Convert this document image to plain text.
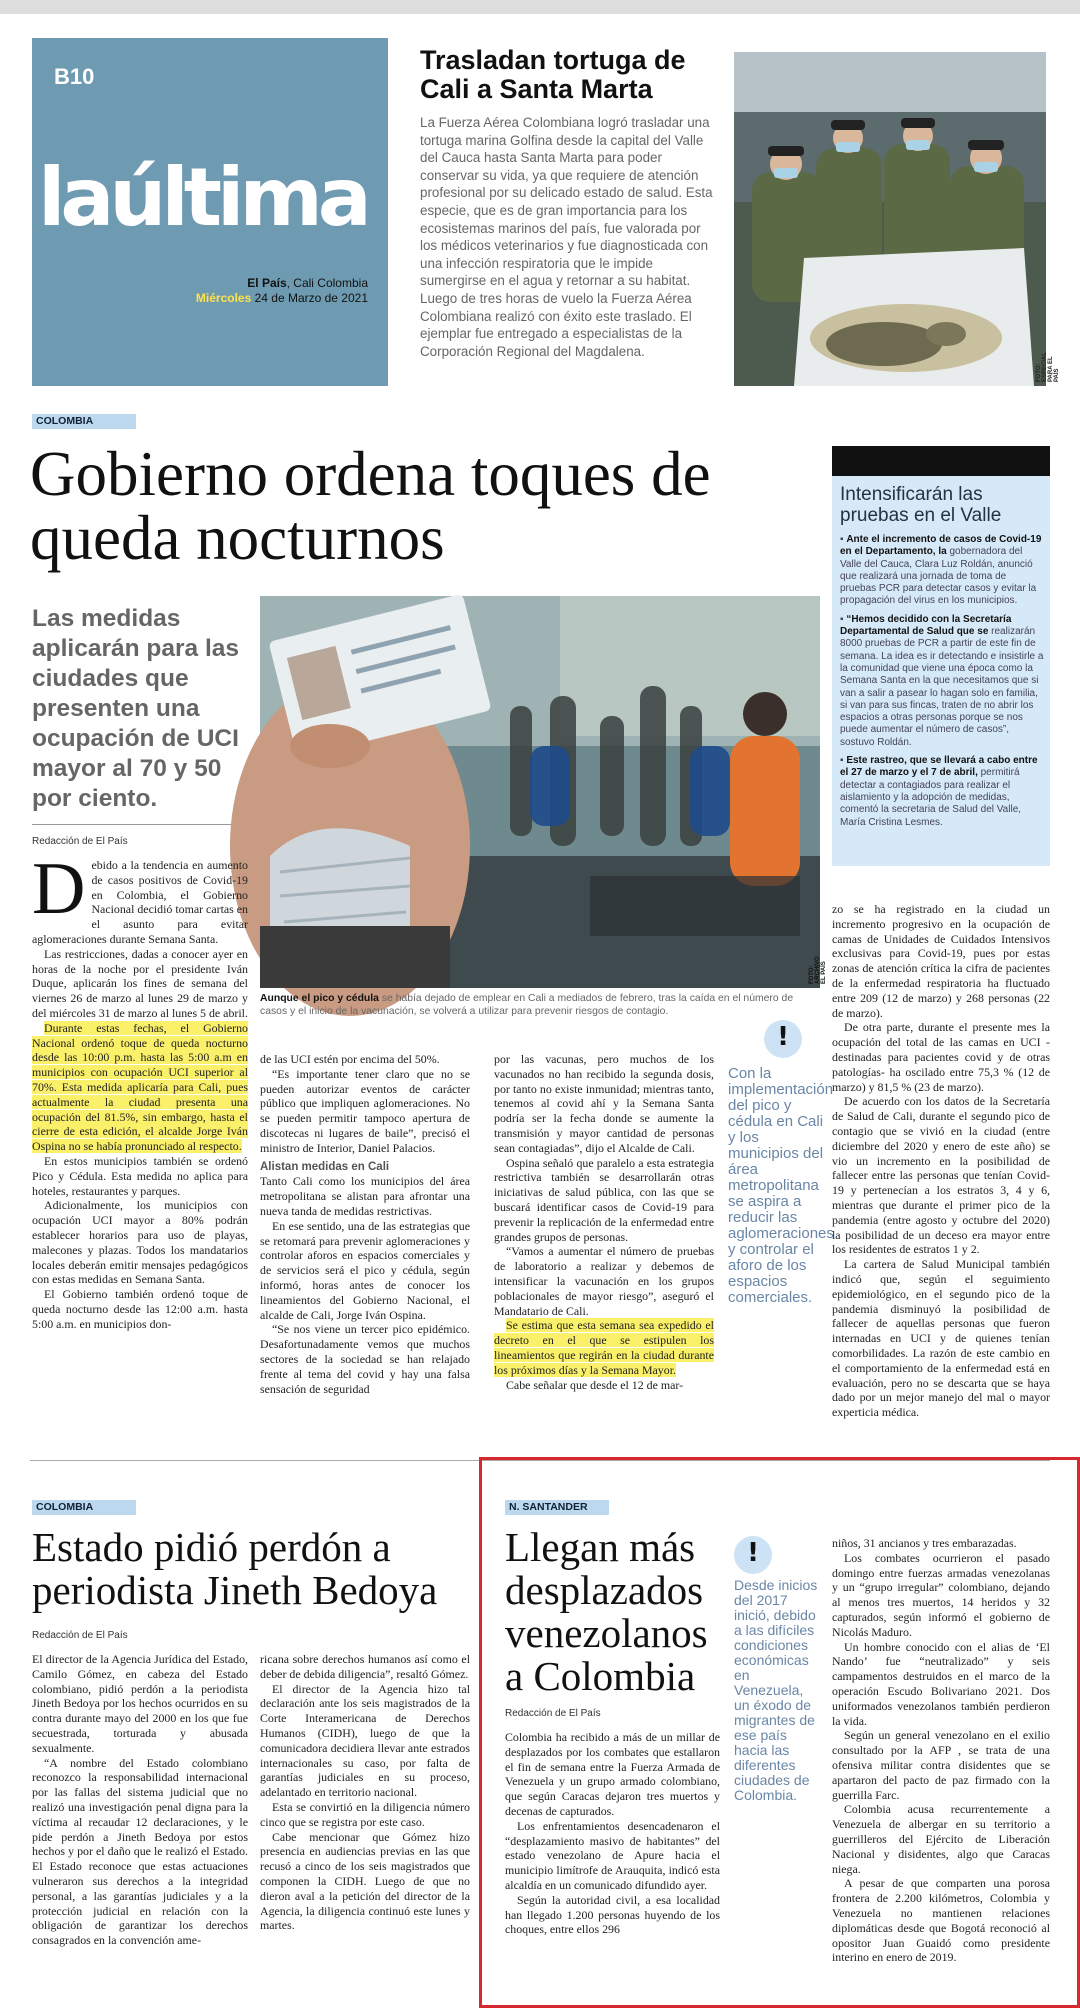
B10
laúltima
El País, Cali Colombia
Miércoles 24 de Marzo de 2021
Trasladan tortuga de Cali a Santa Marta
La Fuerza Aérea Colombiana logró trasladar una tortuga marina Golfina desde la capital del Valle del Cauca hasta Santa Marta para poder conservar su vida, ya que requiere de atención profesional por su delicado estado de salud. Esta especie, que es de gran importancia para los ecosistemas marinos del país, fue valorada por los médicos veterinarios y fue diagnosticada con una infección respiratoria que le impide sumergirse en el agua y retornar a su habitat. Luego de tres horas de vuelo la Fuerza Aérea Colombiana realizó con éxito este traslado. El ejemplar fue entregado a especialistas de la Corporación Regional del Magdalena.
FOTO: ESPECIAL PARA EL PAÍS
COLOMBIA
Gobierno ordena toques de queda nocturnos
Las medidas aplicarán para las ciudades que presenten una ocupación de UCI mayor al 70 y 50 por ciento.
Redacción de El País
FOTO: ARCHIVO EL PAÍS
Aunque el pico y cédula se había dejado de emplear en Cali a mediados de febrero, tras la caída en el número de casos y el inicio de la vacunación, se volverá a utilizar para prevenir riesgos de contagio.
Intensificarán las pruebas en el Valle

▪ Ante el incremento de casos de Covid-19 en el Departamento, la gobernadora del Valle del Cauca, Clara Luz Roldán, anunció que realizará una jornada de toma de pruebas PCR para detectar casos y evitar la propagación del virus en los municipios.

▪ “Hemos decidido con la Secretaría Departamental de Salud que se realizarán 8000 pruebas de PCR a partir de este fin de semana. La idea es ir detectando e insistirle a la comunidad que viene una época como la Semana Santa en la que necesitamos que si van a salir a pasear lo hagan solo en familia, si van para sus fincas, traten de no abrir los espacios a otras personas porque se nos puede aumentar el número de casos”, sostuvo Roldán.

▪ Este rastreo, que se llevará a cabo entre el 27 de marzo y el 7 de abril, permitirá detectar a contagiados para realizar el aislamiento y la adopción de medidas, comentó la secretaria de Salud del Valle, María Cristina Lesmes.

Debido a la tendencia en aumento de casos positivos de Covid-19 en Colombia, el Gobierno Nacional decidió tomar cartas en el asunto para evitar aglomeraciones durante Semana Santa.

Las restricciones, dadas a conocer ayer en horas de la noche por el presidente Iván Duque, aplicarán los fines de semana del viernes 26 de marzo al lunes 29 de marzo y del miércoles 31 de marzo al lunes 5 de abril.

Durante estas fechas, el Gobierno Nacional ordenó toque de queda nocturno desde las 10:00 p.m. hasta las 5:00 a.m en municipios con ocupación UCI superior al 70%. Esta medida aplicaría para Cali, pues actualmente la ciudad presenta una ocupación del 81.5%, sin embargo, hasta el cierre de esta edición, el alcalde Jorge Iván Ospina no se había pronunciado al respecto.

En estos municipios también se ordenó Pico y Cédula. Esta medida no aplica para hoteles, restaurantes y parques.

Adicionalmente, los municipios con ocupación UCI mayor a 80% podrán establecer horarios para uso de playas, malecones y plazas. Todos los mandatarios locales deberán emitir mensajes pedagógicos con estas medidas en Semana Santa.

El Gobierno también ordenó toque de queda nocturno desde las 12:00 a.m. hasta 5:00 a.m. en municipios don-

de las UCI estén por encima del 50%.

“Es importante tener claro que no se pueden autorizar eventos de carácter público que impliquen aglomeraciones. No se pueden permitir tampoco apertura de discotecas ni lugares de baile”, precisó el ministro de Interior, Daniel Palacios.

Alistan medidas en Cali

Tanto Cali como los municipios del área metropolitana se alistan para afrontar una nueva tanda de medidas restrictivas.

En ese sentido, una de las estrategias que se retomará para prevenir aglomeraciones y controlar aforos en espacios comerciales y de servicios será el pico y cédula, según informó, horas antes de conocer los lineamientos del Gobierno Nacional, el alcalde de Cali, Jorge Iván Ospina.

“Se nos viene un tercer pico epidémico. Desafortunadamente vemos que muchos sectores de la sociedad se han relajado frente al tema del covid y hay una falsa sensación de seguridad

por las vacunas, pero muchos de los vacunados no han recibido la segunda dosis, por tanto no existe inmunidad; mientras tanto, tenemos al covid ahí y la Semana Santa podría ser la fecha donde se aumente la transmisión y mayor cantidad de personas sean contagiadas”, dijo el Alcalde de Cali.

Ospina señaló que paralelo a esta estrategia restrictiva también se desarrollarán otras iniciativas de salud pública, con las que se buscará identificar casos de Covid-19 para prevenir la replicación de la enfermedad entre grandes grupos de personas.

“Vamos a aumentar el número de pruebas de laboratorio a realizar y debemos de intensificar la vacunación en los grupos poblacionales de mayor riesgo”, aseguró el Mandatario de Cali.

Se estima que esta semana sea expedido el decreto en el que se estipulen los lineamientos que regirán en la ciudad durante los próximos días y la Semana Mayor.

Cabe señalar que desde el 12 de mar-

!
Con la implementación del pico y cédula en Cali y los municipios del área metropolitana se aspira a reducir las aglomeraciones y controlar el aforo de los espacios comerciales.

zo se ha registrado en la ciudad un incremento progresivo en la ocupación de camas de Unidades de Cuidados Intensivos exclusivas para Covid-19, pues por estas zonas de atención crítica la cifra de pacientes de la enfermedad respiratoria ha fluctuado entre 209 (12 de marzo) y 268 personas (22 de marzo).

De otra parte, durante el presente mes la ocupación del total de las camas en UCI -destinadas para pacientes covid y de otras patologías- ha oscilado entre 75,3 % (12 de marzo) y 81,5 % (23 de marzo).

De acuerdo con los datos de la Secretaría de Salud de Cali, durante el segundo pico de contagio que se vivió en la ciudad (entre diciembre del 2020 y enero de este año) se vio un incremento en la posibilidad de fallecer entre las personas que tenían Covid-19 y pertenecían a los estratos 3, 4 y 6, mientras que durante el primer pico de la pandemia (entre agosto y octubre del 2020) la posibilidad de un deceso era mayor entre los residentes de estratos 1 y 2.

La cartera de Salud Municipal también indicó que, según el seguimiento epidemiológico, en el segundo pico de la pandemia disminuyó la posibilidad de fallecer de aquellas personas que fueron internadas en UCI y de quienes tenían comorbilidades. La razón de este cambio en el comportamiento de la enfermedad está en evaluación, pero no se descarta que se haya dado por un mejor manejo del mal o mayor experticia médica.

COLOMBIA
Estado pidió perdón a periodista Jineth Bedoya
Redacción de El País

El director de la Agencia Jurídica del Estado, Camilo Gómez, en cabeza del Estado colombiano, pidió perdón a la periodista Jineth Bedoya por los hechos ocurridos en su contra durante mayo del 2000 en los que fue secuestrada, torturada y abusada sexualmente.

“A nombre del Estado colombiano reconozco la responsabilidad internacional por las fallas del sistema judicial que no realizó una investigación penal digna para la víctima al recaudar 12 declaraciones, y le pide perdón a Jineth Bedoya por estos hechos y por el daño que le realizó el Estado. El Estado reconoce que estas actuaciones vulneraron sus derechos a la integridad personal, a las garantías judiciales y a la protección judicial en relación con la obligación de garantizar los derechos consagrados en la convención ame-

ricana sobre derechos humanos así como el deber de debida diligencia”, resaltó Gómez.

El director de la Agencia hizo tal declaración ante los seis magistrados de la Corte Interamericana de Derechos Humanos (CIDH), luego de que la comunicadora decidiera llevar ante estrados internacionales su caso, por falta de garantías judiciales en su proceso, adelantado en territorio nacional.

Esta se convirtió en la diligencia número cinco que se registra por este caso.

Cabe mencionar que Gómez hizo presencia en audiencias previas en las que recusó a cinco de los seis magistrados que componen la CIDH. Luego de que no dieron aval a la petición del director de la Agencia, la diligencia continuó este lunes y martes.

N. SANTANDER
Llegan más desplazados venezolanos a Colombia
Redacción de El País

Colombia ha recibido a más de un millar de desplazados por los combates que estallaron el fin de semana entre la Fuerza Armada de Venezuela y un grupo armado colombiano, que según Caracas dejaron tres muertos y decenas de capturados.

Los enfrentamientos desencadenaron el “desplazamiento masivo de habitantes” del estado venezolano de Apure hacia el municipio limítrofe de Arauquita, indicó esta alcaldía en un comunicado difundido ayer.

Según la autoridad civil, a esa localidad han llegado 1.200 personas huyendo de los choques, entre ellos 296

!
Desde inicios del 2017 inició, debido a las difíciles condiciones económicas en Venezuela, un éxodo de migrantes de ese país hacia las diferentes ciudades de Colombia.

niños, 31 ancianos y tres embarazadas.

Los combates ocurrieron el pasado domingo entre fuerzas armadas venezolanas y un “grupo irregular” colombiano, dejando al menos tres muertos, 14 heridos y 32 capturados, según informó el gobierno de Nicolás Maduro.

Un hombre conocido con el alias de ‘El Nando’ fue “neutralizado” y seis campamentos destruidos en el marco de la operación Escudo Bolivariano 2021. Dos uniformados venezolanos también perdieron la vida.

Según un general venezolano en el exilio consultado por la AFP , se trata de una ofensiva militar contra disidentes que se apartaron del pacto de paz firmado con la guerrilla Farc.

Colombia acusa recurrentemente a Venezuela de albergar en su territorio a guerrilleros del Ejército de Liberación Nacional y disidentes, algo que Caracas niega.

A pesar de que comparten una porosa frontera de 2.200 kilómetros, Colombia y Venezuela no mantienen relaciones diplomáticas desde que Bogotá reconoció al opositor Juan Guaidó como presidente interino en enero de 2019.
